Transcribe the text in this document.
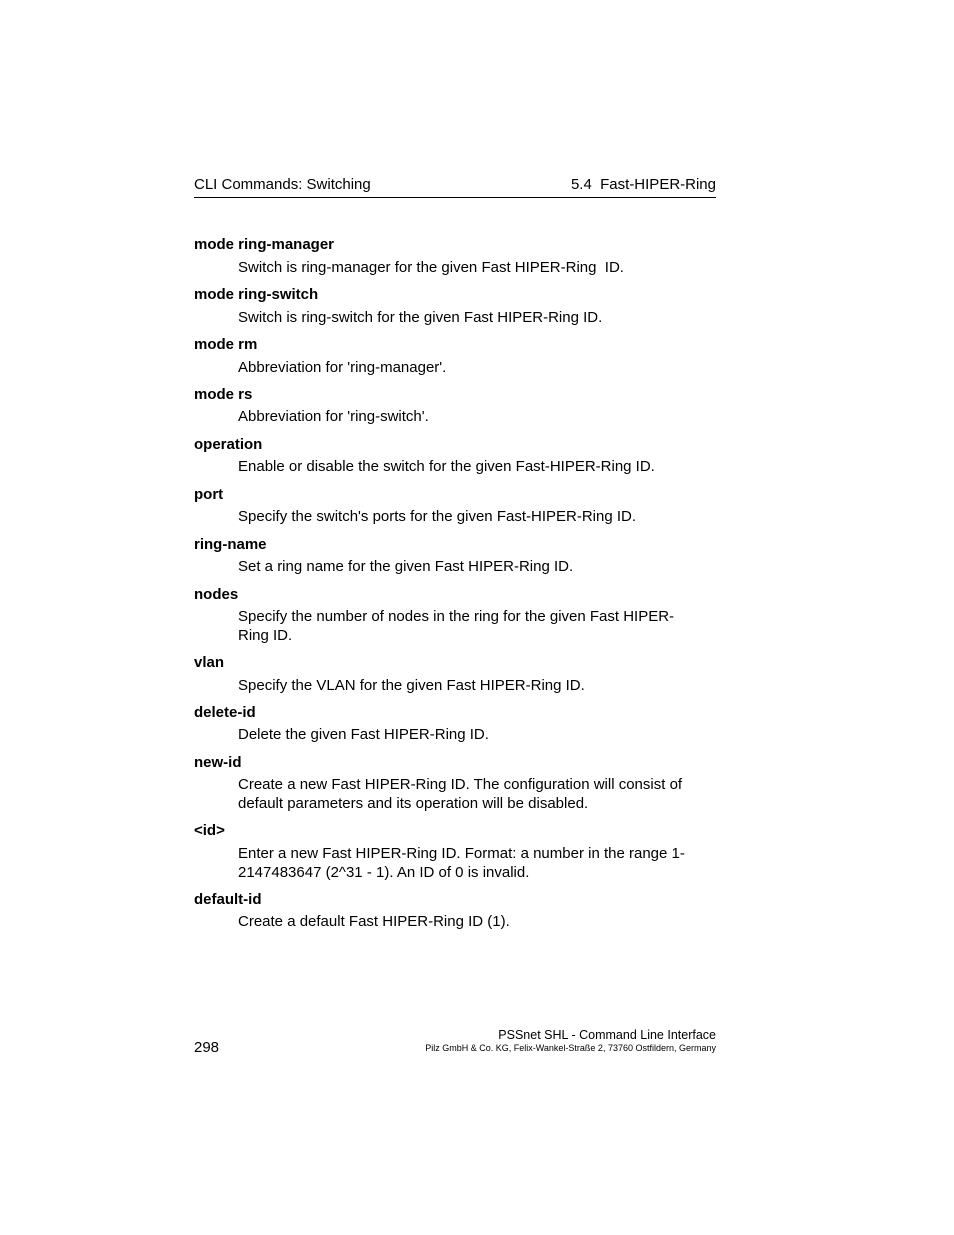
CLI Commands: Switching	5.4  Fast-HIPER-Ring
mode ring-manager
Switch is ring-manager for the given Fast HIPER-Ring  ID.
mode ring-switch
Switch is ring-switch for the given Fast HIPER-Ring ID.
mode rm
Abbreviation for 'ring-manager'.
mode rs
Abbreviation for 'ring-switch'.
operation
Enable or disable the switch for the given Fast-HIPER-Ring ID.
port
Specify the switch's ports for the given Fast-HIPER-Ring ID.
ring-name
Set a ring name for the given Fast HIPER-Ring ID.
nodes
Specify the number of nodes in the ring for the given Fast HIPER-
Ring ID.
vlan
Specify the VLAN for the given Fast HIPER-Ring ID.
delete-id
Delete the given Fast HIPER-Ring ID.
new-id
Create a new Fast HIPER-Ring ID. The configuration will consist of
default parameters and its operation will be disabled.
<id>
Enter a new Fast HIPER-Ring ID. Format: a number in the range 1-
2147483647 (2^31 - 1). An ID of 0 is invalid.
default-id
Create a default Fast HIPER-Ring ID (1).
298
PSSnet SHL - Command Line Interface
Pilz GmbH & Co. KG, Felix-Wankel-Straße 2, 73760 Ostfildern, Germany
